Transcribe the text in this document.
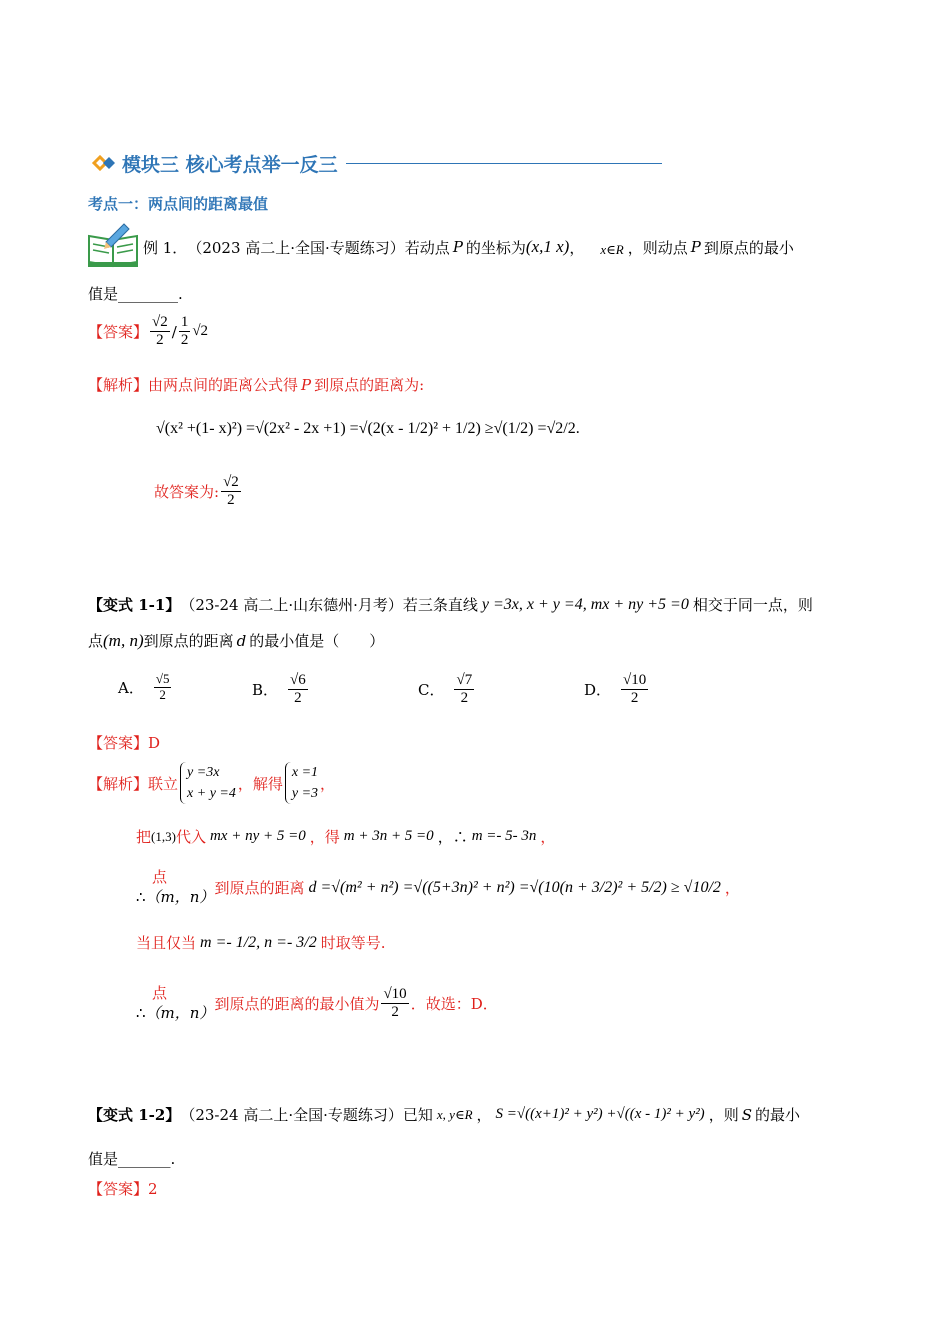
模块三 核心考点举一反三
考点一：两点间的距离最值
例 1． （2023 高二上·全国·专题练习） 若动点 P 的坐标为 (x,1 x) ， x∈R ，则动点 P 到原点的最小
值是________.
【答案】 $\frac{√2}{2} / \frac{1}{2} √2$
【解析】由两点间的距离公式得 P 到原点的距离为:
√(x² +(1- x)²) =√(2x² - 2x +1) =√(2(x - 1/2)² + 1/2) ≥√(1/2) =√2/2.
故答案为: $\frac{√2}{2}$
【变式 1-1】 （23-24 高二上·山东德州·月考） 若三条直线 y =3x, x + y =4, mx + ny +5 =0 相交于同一点，则
点 (m, n) 到原点的距离 d 的最小值是（　　）
A． $\frac{√5}{2}$	B． $\frac{√6}{2}$	C． $\frac{√7}{2}$	D． $\frac{√10}{2}$
【答案】D
【解析】 联立
y =3x
x + y =4
，解得
x =1
y =3
，
把 (1,3) 代入 mx + ny + 5 =0 ，得 m + 3n + 5 =0 ，∴ m =- 5- 3n ，
点
∴（m，n） 到原点的距离 d =√(m² + n²) =√((5+3n)² + n²) =√(10(n + 3/2)² + 5/2) ≥ √10/2 ，
当且仅当 m =- 1/2, n =- 3/2 时取等号.
点
∴（m，n） 到原点的距离的最小值为 $\frac{√10}{2}$ ．故选：D．
【变式 1-2】 （23-24 高二上·全国·专题练习） 已知 x, y∈R ， S =√((x+1)² + y²) +√((x - 1)² + y²) ，则 S 的最小
值是_______.
【答案】2
